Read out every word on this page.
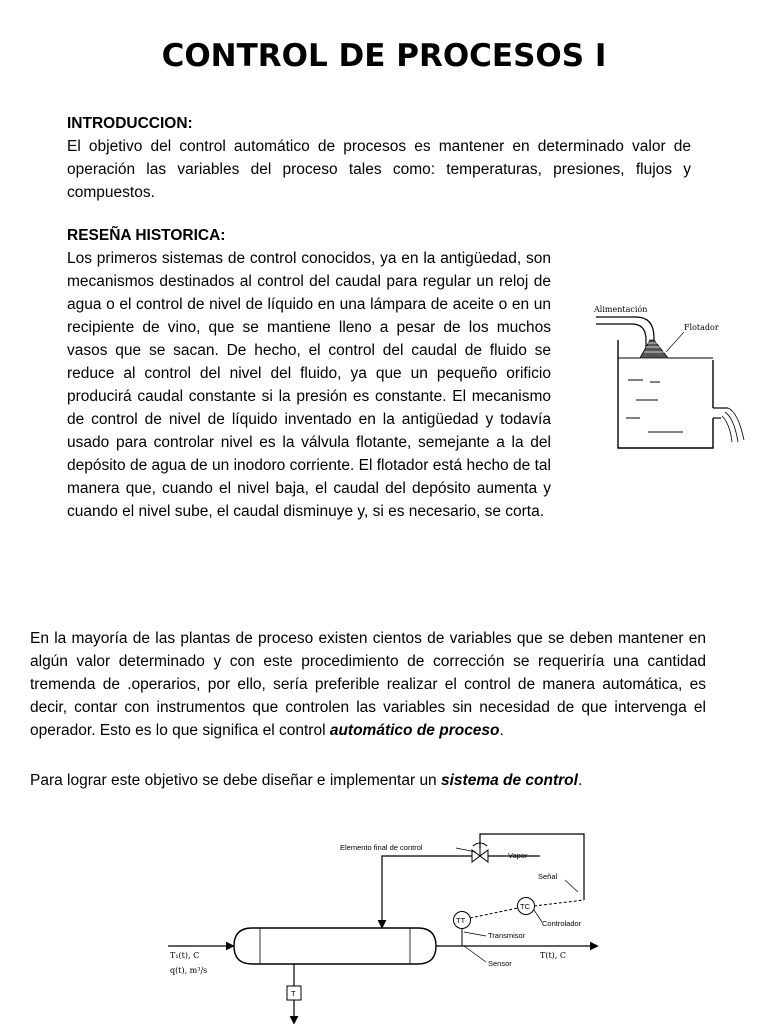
CONTROL DE PROCESOS I
INTRODUCCION:
El objetivo del control automático de procesos es mantener en determinado valor de operación las variables del proceso tales como: temperaturas, presiones, flujos y compuestos.
RESEÑA HISTORICA:
Los primeros sistemas de control conocidos, ya en la antigüedad, son mecanismos destinados al control del caudal para regular un reloj de agua o el control de nivel de líquido en una lámpara de aceite o en un recipiente de vino, que se mantiene lleno a pesar de los muchos vasos que se sacan. De hecho, el control del caudal de fluido se reduce al control del nivel del fluido, ya que un pequeño orificio producirá caudal constante si la presión es constante. El mecanismo de control de nivel de líquido inventado en la antigüedad y todavía usado para controlar nivel es la válvula flotante, semejante a la del depósito de agua de un inodoro corriente. El flotador está hecho de tal manera que, cuando el nivel baja, el caudal del depósito aumenta y cuando el nivel sube, el caudal disminuye y, si es necesario, se corta.
Alimentación
Flotador
En la mayoría de las plantas de proceso existen cientos de variables que se deben mantener en algún valor determinado y con este procedimiento de corrección se requeriría una cantidad tremenda de .operarios, por ello, sería preferible realizar el control de manera automática, es decir, contar con instrumentos que controlen las variables sin necesidad de que intervenga el operador. Esto es lo que significa el control automático de proceso.
Para lograr este objetivo se debe diseñar e implementar un sistema de control.
Elemento final de control
Vapor
Señal
Controlador
Transmisor
Sensor
T₁(t), C
q(t), m³/s
T(t), C
TC
TT
T
